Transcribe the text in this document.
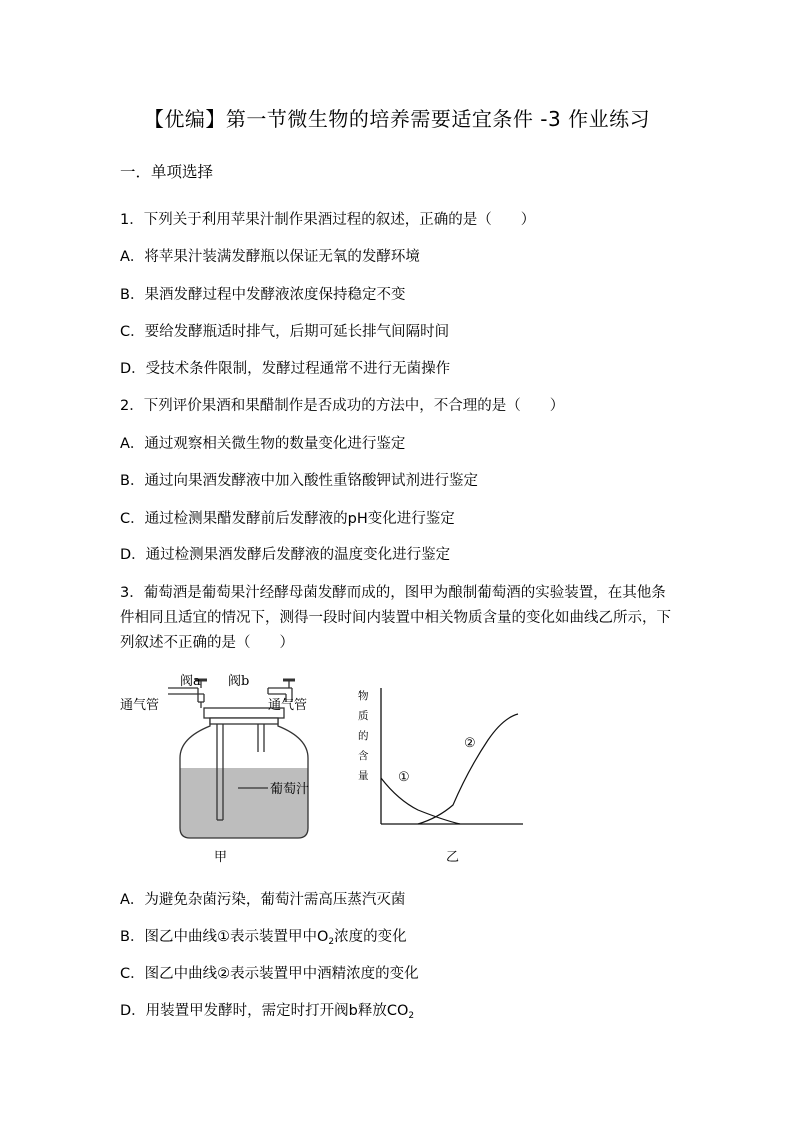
【优编】第一节微生物的培养需要适宜条件 -3 作业练习
一．单项选择
1．下列关于利用苹果汁制作果酒过程的叙述，正确的是（　　）
A．将苹果汁装满发酵瓶以保证无氧的发酵环境
B．果酒发酵过程中发酵液浓度保持稳定不变
C．要给发酵瓶适时排气，后期可延长排气间隔时间
D．受技术条件限制，发酵过程通常不进行无菌操作
2．下列评价果酒和果醋制作是否成功的方法中，不合理的是（　　）
A．通过观察相关微生物的数量变化进行鉴定
B．通过向果酒发酵液中加入酸性重铬酸钾试剂进行鉴定
C．通过检测果醋发酵前后发酵液的pH变化进行鉴定
D．通过检测果酒发酵后发酵液的温度变化进行鉴定
3．葡萄酒是葡萄果汁经酵母菌发酵而成的，图甲为酿制葡萄酒的实验装置，在其他条
件相同且适宜的情况下，测得一段时间内装置中相关物质含量的变化如曲线乙所示，下
列叙述不正确的是（　　）
阀a 阀b
通气管	通气管
葡萄汁
甲	乙
物
质
的
含
量 ①
②
A．为避免杂菌污染，葡萄汁需高压蒸汽灭菌
B．图乙中曲线①表示装置甲中$O_2$浓度的变化
C．图乙中曲线②表示装置甲中酒精浓度的变化
D．用装置甲发酵时，需定时打开阀b释放$CO_2$
